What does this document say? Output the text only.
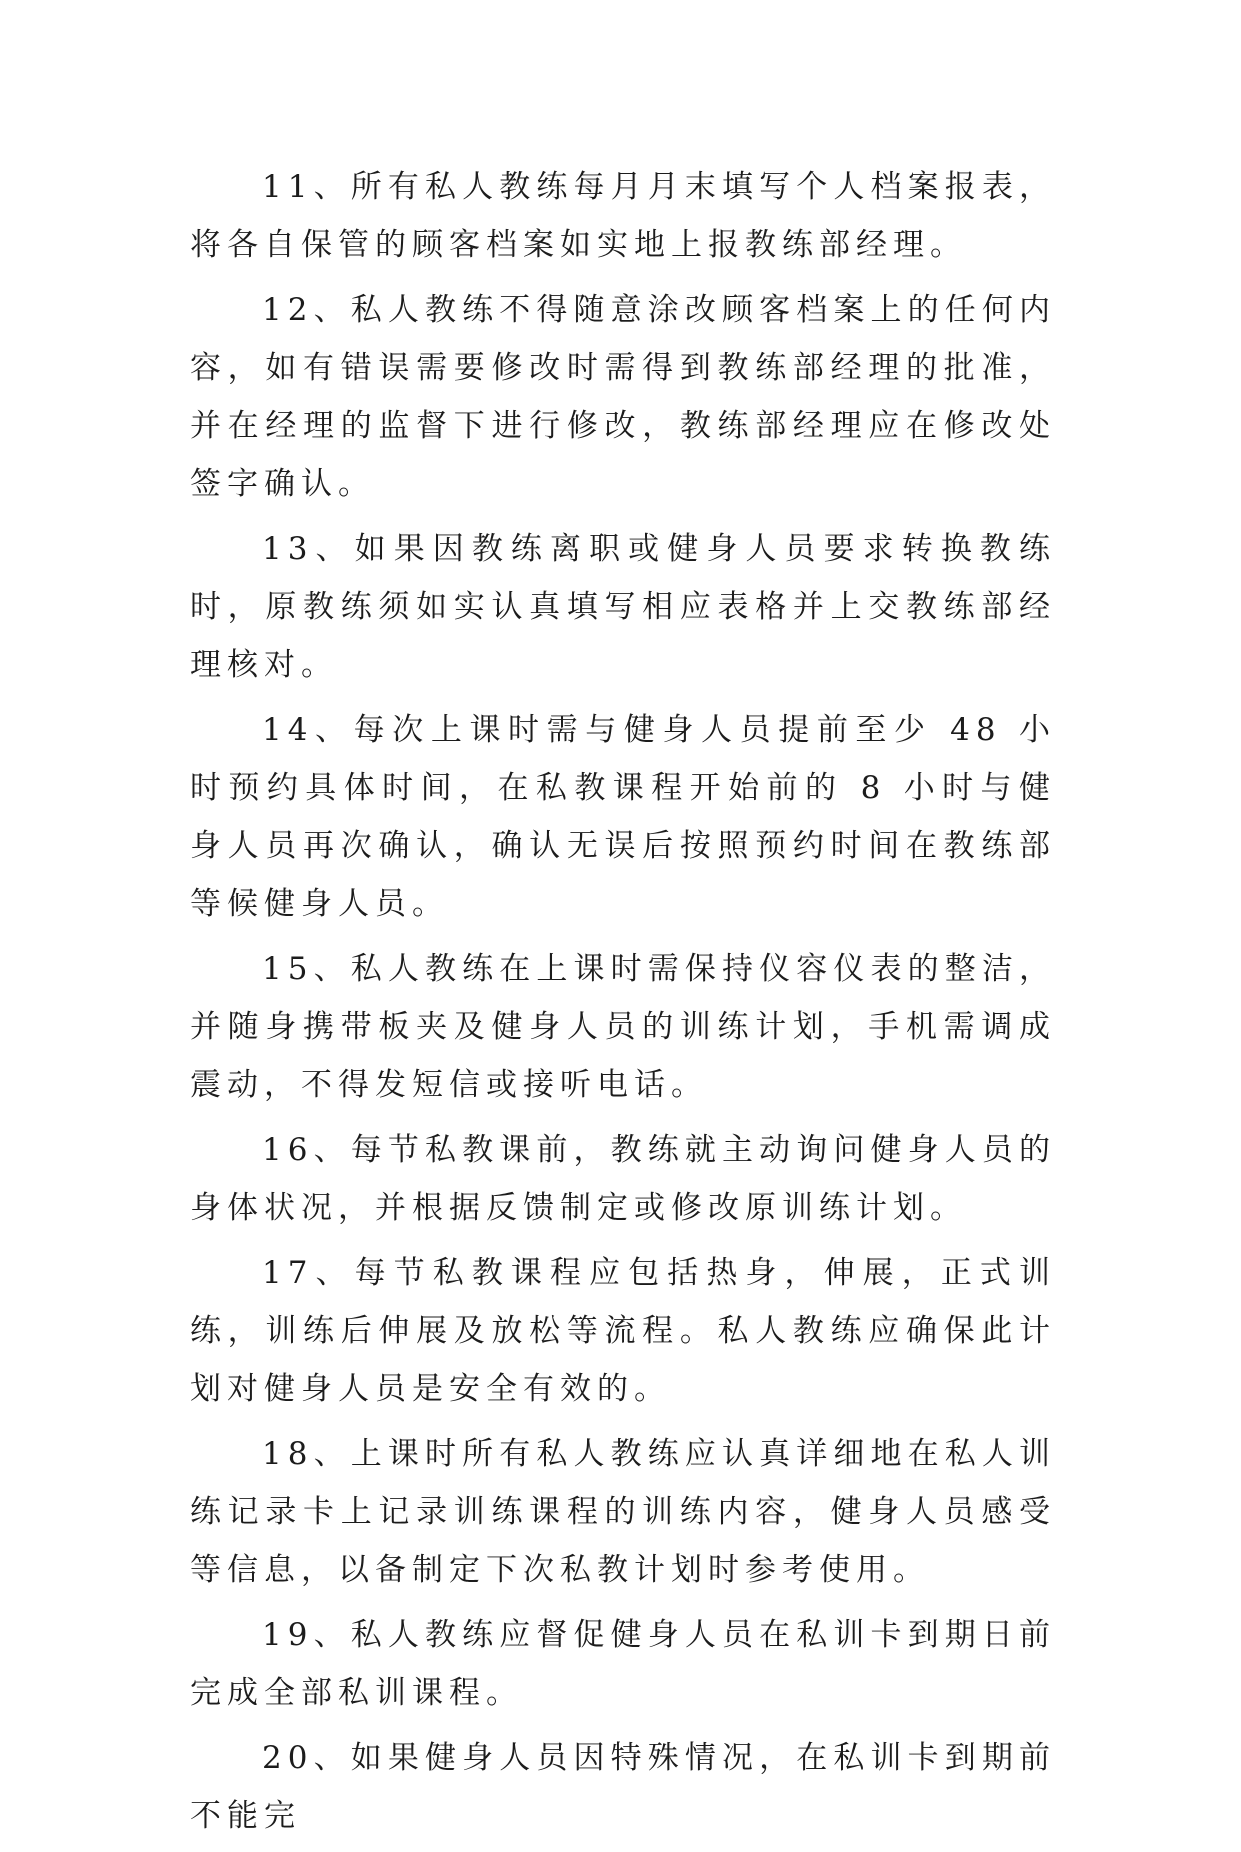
11、所有私人教练每月月末填写个人档案报表，将各自保管的顾客档案如实地上报教练部经理。

12、私人教练不得随意涂改顾客档案上的任何内容，如有错误需要修改时需得到教练部经理的批准，并在经理的监督下进行修改，教练部经理应在修改处签字确认。

13、如果因教练离职或健身人员要求转换教练时，原教练须如实认真填写相应表格并上交教练部经理核对。

14、每次上课时需与健身人员提前至少 48 小时预约具体时间，在私教课程开始前的 8 小时与健身人员再次确认，确认无误后按照预约时间在教练部等候健身人员。

15、私人教练在上课时需保持仪容仪表的整洁，并随身携带板夹及健身人员的训练计划，手机需调成震动，不得发短信或接听电话。

16、每节私教课前，教练就主动询问健身人员的身体状况，并根据反馈制定或修改原训练计划。

17、每节私教课程应包括热身，伸展，正式训练，训练后伸展及放松等流程。私人教练应确保此计划对健身人员是安全有效的。

18、上课时所有私人教练应认真详细地在私人训练记录卡上记录训练课程的训练内容，健身人员感受等信息，以备制定下次私教计划时参考使用。

19、私人教练应督促健身人员在私训卡到期日前完成全部私训课程。

20、如果健身人员因特殊情况，在私训卡到期前不能完
